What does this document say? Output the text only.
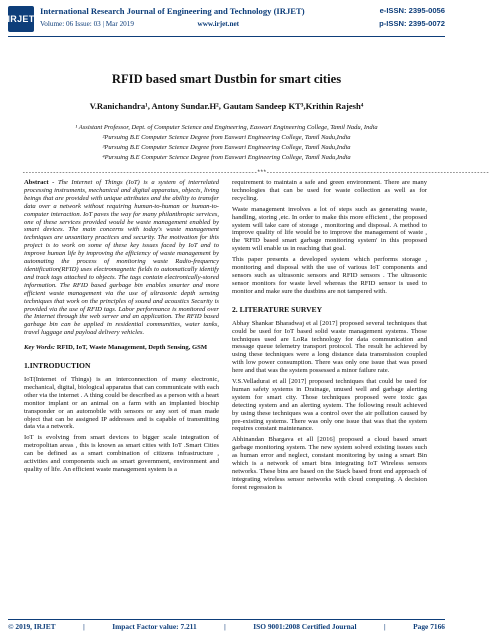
IRJET
International Research Journal of Engineering and Technology (IRJET)
Volume: 06 Issue: 03 | Mar 2019	www.irjet.net
e-ISSN: 2395-0056
p-ISSN: 2395-0072
RFID based smart Dustbin for smart cities
V.Ranichandra¹, Antony Sundar.H², Gautam Sandeep KT³,Krithin Rajesh⁴
¹ Assistant Professor, Dept. of Computer Science and Engineering, Easwari Engineering College, Tamil Nadu, India
²Pursuing B.E Computer Science Degree from Easwari Engineering College, Tamil Nadu,India
³Pursuing B.E Computer Science Degree from Easwari Engineering College, Tamil Nadu,India
⁴Pursuing B.E Computer Science Degree from Easwari Engineering College, Tamil Nadu,India
-----------------------------------------------------------------------------***-------------------------------------------------------------------------

Abstract - The Internet of Things (IoT) is a system of interrelated processing instruments, mechanical and digital apparatus, objects, living beings that are provided with unique attributes and the ability to transfer data over a network without requiring human-to-human or human-to-computer interaction. IoT paves the way for many philanthropic services, one of these services provided would be waste management enabled by smart devices. The main concerns with today's waste management techniques are unsanitary practices and security. The motivation for this project is to work on some of these key issues faced by IoT and to improve human life by improving the efficiency of waste management by automating the process of monitoring waste Radio-frequency identification(RFID) uses electromagnetic fields to automatically identify and track tags attached to objects. The tags contain electronically-stored information. The RFID based garbage bin enables smarter and more efficient waste management via the use of ultrasonic depth sensing techniques that work on the principles of sound and acoustics Security is provided via the use of RFID tags. Labor performance is monitored over the Internet through the web server and an application. The RFID based garbage bin can be applied in residential communities, water tanks, travel luggage and payload delivery vehicles.

Key Words: RFID, IoT, Waste Management, Depth Sensing, GSM

1.INTRODUCTION

IoT(Internet of Things) is an interconnection of many electronic, mechanical, digital, biological apparatus that can communicate with each other via the internet . A thing could be described as a person with a heart monitor implant or an animal on a farm with an implanted biochip transponder or an automobile with sensors or any sort of man made object that can be assigned IP addresses and is capable of transmitting data via a network.

IoT is evolving from smart devices to bigger scale integration of metropolitan areas , this is known as smart cities with IoT .Smart Cities can be defined as a smart combination of citizens infrastructure , activities and components such as smart government, environment and quality of life. An efficient waste management system is a

requirement to maintain a safe and green environment. There are many technologies that can be used for waste collection as well as for recycling.

Waste management involves a lot of steps such as generating waste, handling, storing ,etc. In order to make this more efficient , the proposed system will take care of storage , monitoring and disposal. A method to improve quality of life would be to improve the management of waste , the 'RFID based smart garbage monitoring system' in this proposed system will enable us in reaching that goal.

This paper presents a developed system which performs storage , monitoring and disposal with the use of various IoT components and sensors such as ultrasonic sensors and RFID sensors . The ultrasonic sensor monitors for waste level whereas the RFID sensor is used to monitor and make sure the dustbins are not tampered with.

2. LITERATURE SURVEY

Abhay Shankar Bharadwaj et al [2017] proposed several techniques that could be used for IoT based solid waste management systems. Those techniques used are LoRa technology for data communication and message queue telemetry transport protocol. The result he achieved by using these techniques were a long distance data transmission coupled with low power consumption. There was only one issue that was posed here and that was the system possessed a minor failure rate.

V.S.Velladurai et all [2017] proposed techniques that could be used for human safety systems in Drainage, unused well and garbage alerting system for smart city. Those techniques proposed were toxic gas detecting system and an alerting system. The following result achieved by using these techniques was a control over the air pollution caused by pre-existing systems. There was only one issue that was that the system requires constant maintenance.

Abhinandan Bhargava et all [2016] proposed a cloud based smart garbage monitoring system. The new system solved existing issues such as human error and neglect, constant monitoring by using a smart Bin which is a network of smart bins integrating IoT Wireless sensors networks. These bins are based on the Stack based front end approach of integrating wireless sensor networks with cloud computing. A decision forest regression is

© 2019, IRJET	|	Impact Factor value: 7.211	|	ISO 9001:2008 Certified Journal	|	Page 7166
